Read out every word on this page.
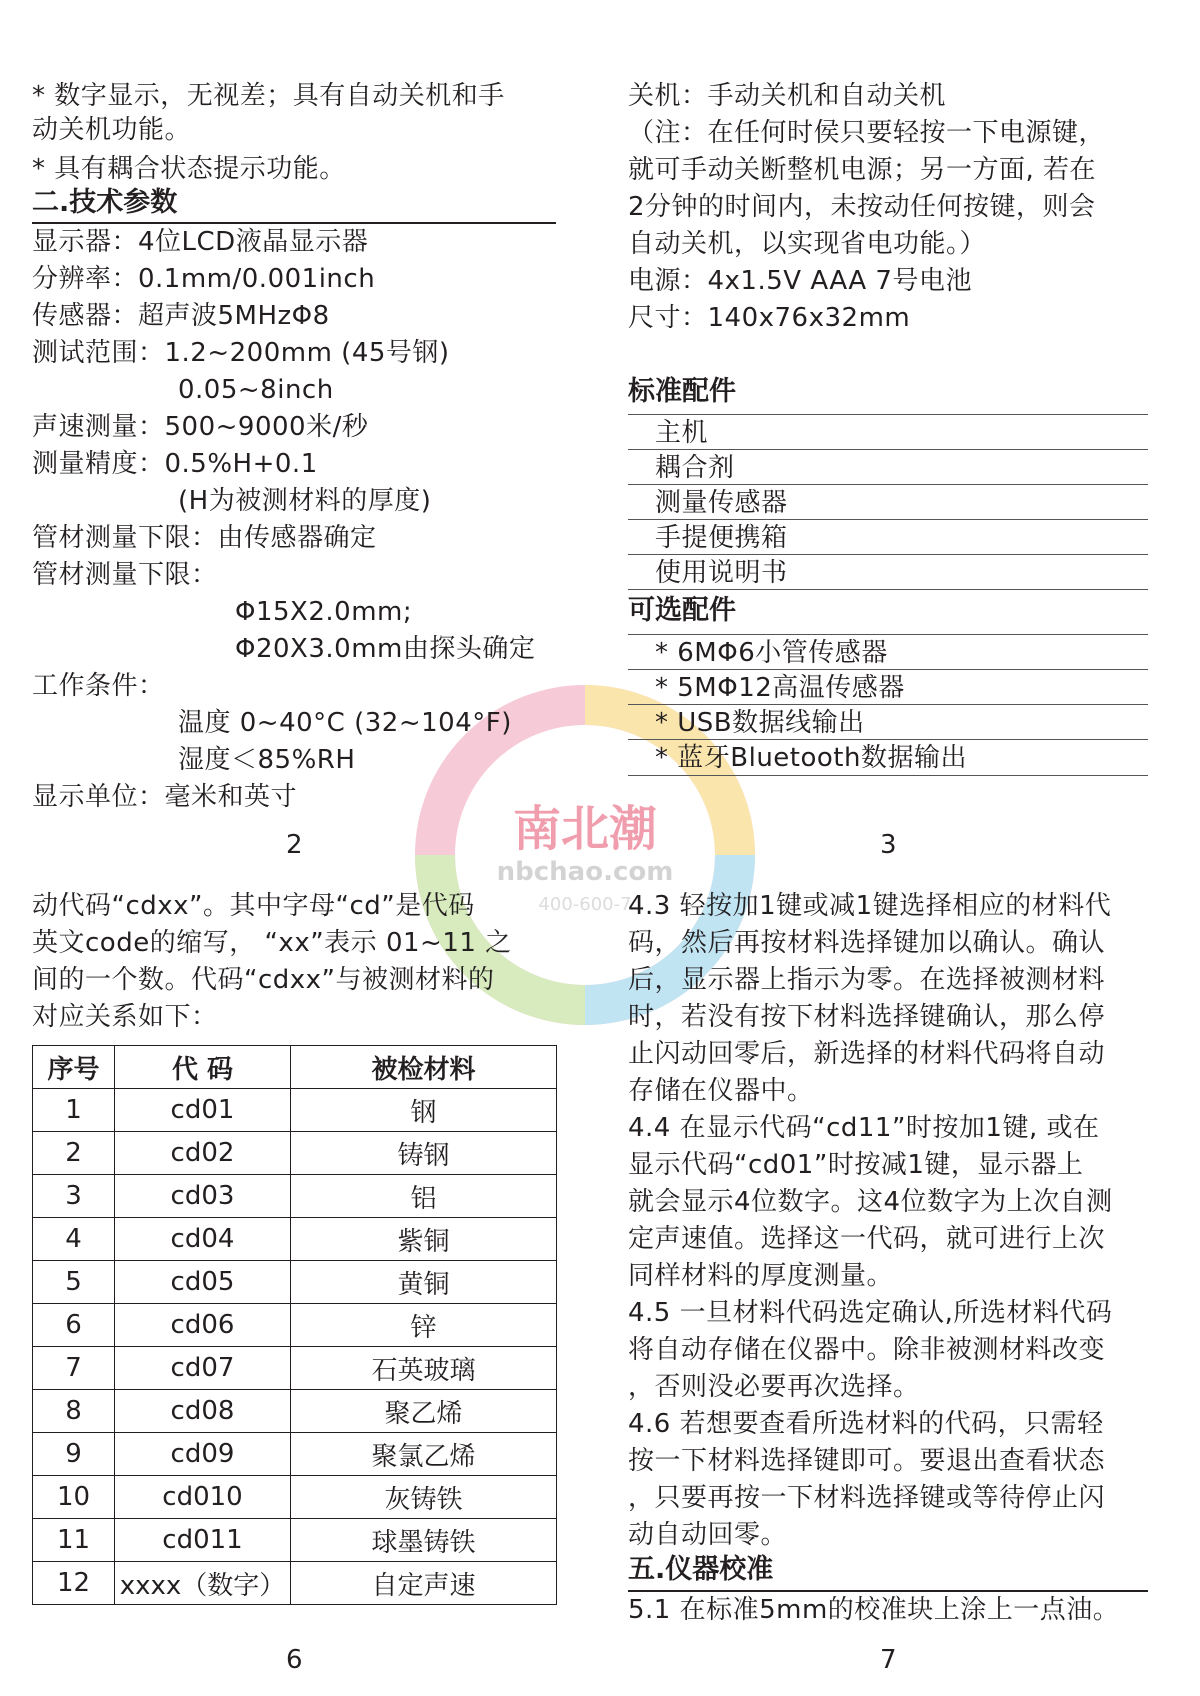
南北潮
nbchao.com
400-600-7
* 数字显示，无视差；具有自动关机和手
动关机功能。
* 具有耦合状态提示功能。
二.技术参数
显示器：4位LCD液晶显示器
分辨率：0.1mm/0.001inch
传感器：超声波5MHzΦ8
测试范围：1.2~200mm (45号钢)
0.05~8inch
声速测量：500~9000米/秒
测量精度：0.5%H+0.1
(H为被测材料的厚度)
管材测量下限：由传感器确定
管材测量下限：
Φ15X2.0mm;
Φ20X3.0mm由探头确定
工作条件：
温度 0~40°C (32~104°F)
湿度＜85%RH
显示单位：毫米和英寸
2
关机：手动关机和自动关机
（注：在任何时侯只要轻按一下电源键，
就可手动关断整机电源；另一方面, 若在
2分钟的时间内，未按动任何按键，则会
自动关机，以实现省电功能。）
电源：4x1.5V AAA 7号电池
尺寸：140x76x32mm
标准配件
主机
耦合剂
测量传感器
手提便携箱
使用说明书
可选配件
* 6MΦ6小管传感器
* 5MΦ12高温传感器
* USB数据线输出
* 蓝牙Bluetooth数据输出
3
动代码“cdxx”。其中字母“cd”是代码
英文code的缩写， “xx”表示 01~11 之
间的一个数。代码“cdxx”与被测材料的
对应关系如下：
序号	代 码	被检材料
1	cd01	钢
2	cd02	铸钢
3	cd03	铝
4	cd04	紫铜
5	cd05	黄铜
6	cd06	锌
7	cd07	石英玻璃
8	cd08	聚乙烯
9	cd09	聚氯乙烯
10	cd010	灰铸铁
11	cd011	球墨铸铁
12	xxxx（数字）	自定声速
6
4.3 轻按加1键或减1键选择相应的材料代
码，然后再按材料选择键加以确认。确认
后，显示器上指示为零。在选择被测材料
时，若没有按下材料选择键确认，那么停
止闪动回零后，新选择的材料代码将自动
存储在仪器中。
4.4 在显示代码“cd11”时按加1键, 或在
显示代码“cd01”时按减1键，显示器上
就会显示4位数字。这4位数字为上次自测
定声速值。选择这一代码，就可进行上次
同样材料的厚度测量。
4.5 一旦材料代码选定确认,所选材料代码
将自动存储在仪器中。除非被测材料改变
，否则没必要再次选择。
4.6 若想要查看所选材料的代码，只需轻
按一下材料选择键即可。要退出查看状态
，只要再按一下材料选择键或等待停止闪
动自动回零。
五.仪器校准
5.1 在标准5mm的校准块上涂上一点油。
7
